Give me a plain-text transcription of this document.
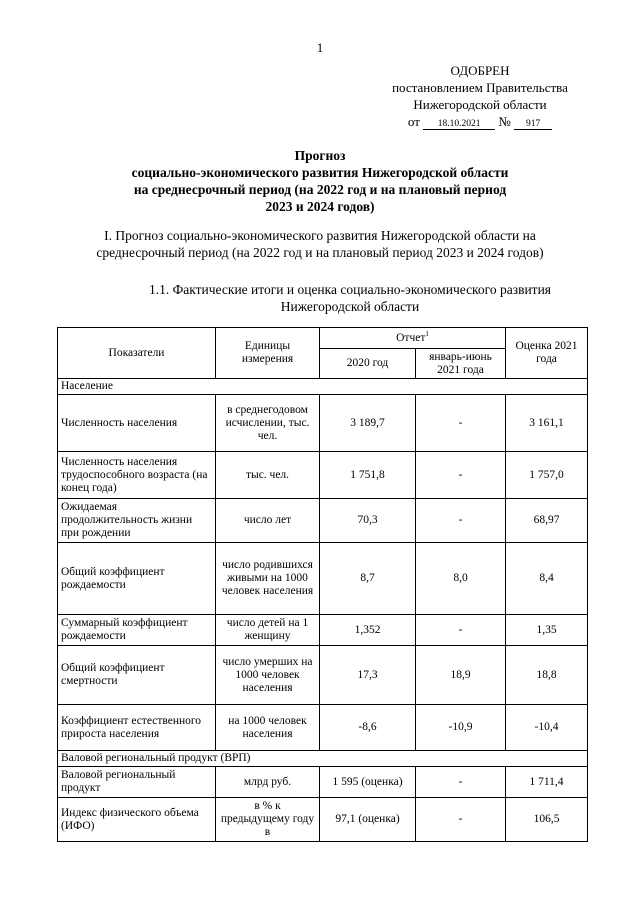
1
ОДОБРЕН
постановлением Правительства
Нижегородской области
от 18.10.2021 № 917
Прогноз
социально-экономического развития Нижегородской области
на среднесрочный период (на 2022 год и на плановый период
2023 и 2024 годов)
I. Прогноз социально-экономического развития Нижегородской области на
среднесрочный период (на 2022 год и на плановый период 2023 и 2024 годов)
1.1. Фактические итоги и оценка социально-экономического развития
Нижегородской области
Показатели	Единицы измерения	Отчет$^1$		Оценка 2021 года
		2020 год	январь-июнь 2021 года	
Население				
Численность населения	в среднегодовом исчислении, тыс. чел.	3 189,7	-	3 161,1
Численность населения трудоспособного возраста (на конец года)	тыс. чел.	1 751,8	-	1 757,0
Ожидаемая продолжительность жизни при рождении	число лет	70,3	-	68,97
Общий коэффициент рождаемости	число родившихся живыми на 1000 человек населения	8,7	8,0	8,4
Суммарный коэффициент рождаемости	число детей на 1 женщину	1,352	-	1,35
Общий коэффициент смертности	число умерших на 1000 человек населения	17,3	18,9	18,8
Коэффициент естественного прироста населения	на 1000 человек населения	-8,6	-10,9	-10,4
Валовой региональный продукт (ВРП)				
Валовой региональный продукт	млрд руб.	1 595 (оценка)	-	1 711,4
Индекс физического объема (ИФО)	в % к предыдущему году в	97,1 (оценка)	-	106,5
